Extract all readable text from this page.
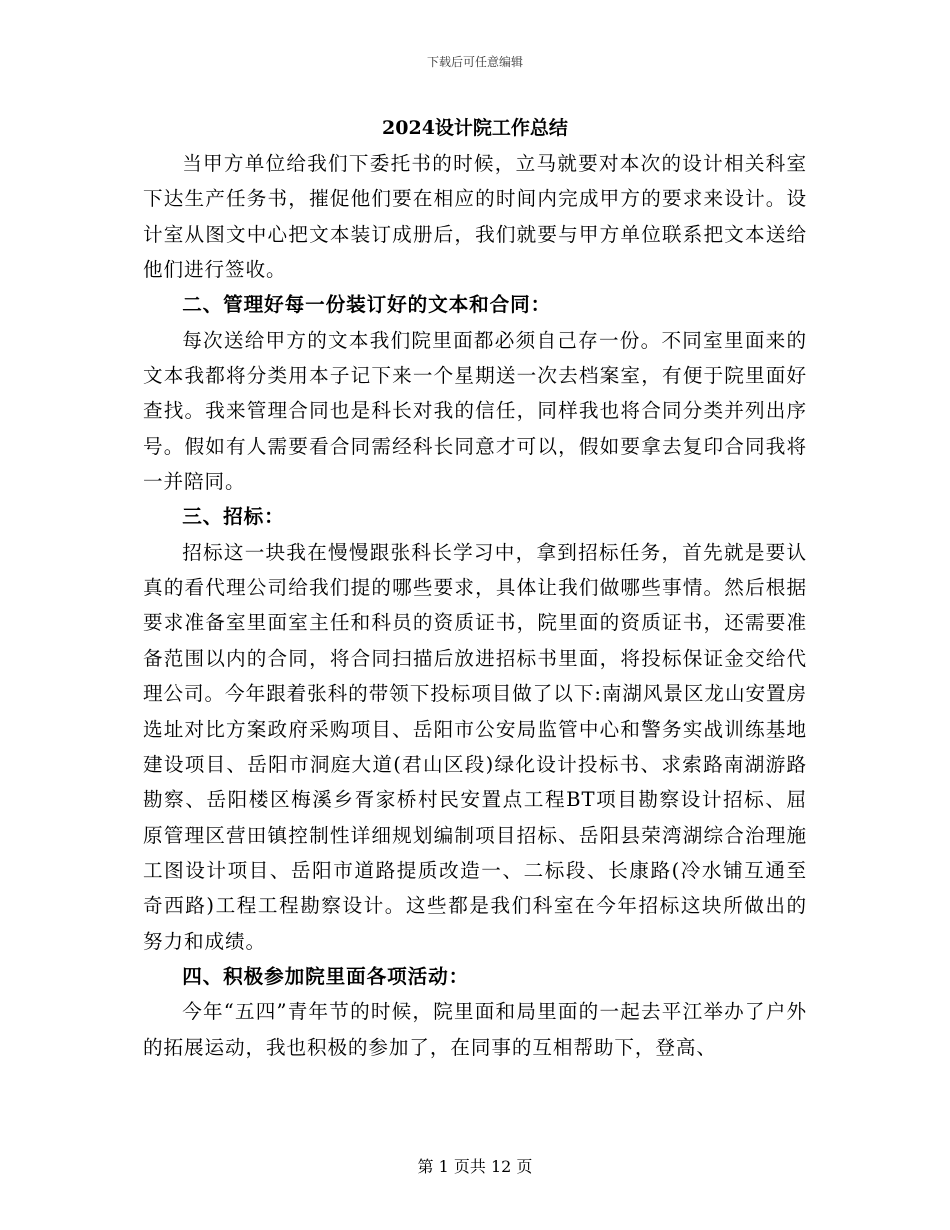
下载后可任意编辑
2024设计院工作总结

当甲方单位给我们下委托书的时候，立马就要对本次的设计相关科室下达生产任务书，摧促他们要在相应的时间内完成甲方的要求来设计。设计室从图文中心把文本装订成册后，我们就要与甲方单位联系把文本送给他们进行签收。

二、管理好每一份装订好的文本和合同：

每次送给甲方的文本我们院里面都必须自己存一份。不同室里面来的文本我都将分类用本子记下来一个星期送一次去档案室，有便于院里面好查找。我来管理合同也是科长对我的信任，同样我也将合同分类并列出序号。假如有人需要看合同需经科长同意才可以，假如要拿去复印合同我将一并陪同。

三、招标：

招标这一块我在慢慢跟张科长学习中，拿到招标任务，首先就是要认真的看代理公司给我们提的哪些要求，具体让我们做哪些事情。然后根据要求准备室里面室主任和科员的资质证书，院里面的资质证书，还需要准备范围以内的合同，将合同扫描后放进招标书里面，将投标保证金交给代理公司。今年跟着张科的带领下投标项目做了以下:南湖风景区龙山安置房选址对比方案政府采购项目、岳阳市公安局监管中心和警务实战训练基地建设项目、岳阳市洞庭大道(君山区段)绿化设计投标书、求索路南湖游路勘察、岳阳楼区梅溪乡胥家桥村民安置点工程BT项目勘察设计招标、屈原管理区营田镇控制性详细规划编制项目招标、岳阳县荣湾湖综合治理施工图设计项目、岳阳市道路提质改造一、二标段、长康路(冷水铺互通至奇西路)工程工程勘察设计。这些都是我们科室在今年招标这块所做出的努力和成绩。

四、积极参加院里面各项活动：

今年“五四”青年节的时候，院里面和局里面的一起去平江举办了户外的拓展运动，我也积极的参加了，在同事的互相帮助下，登高、

第 1 页共 12 页
